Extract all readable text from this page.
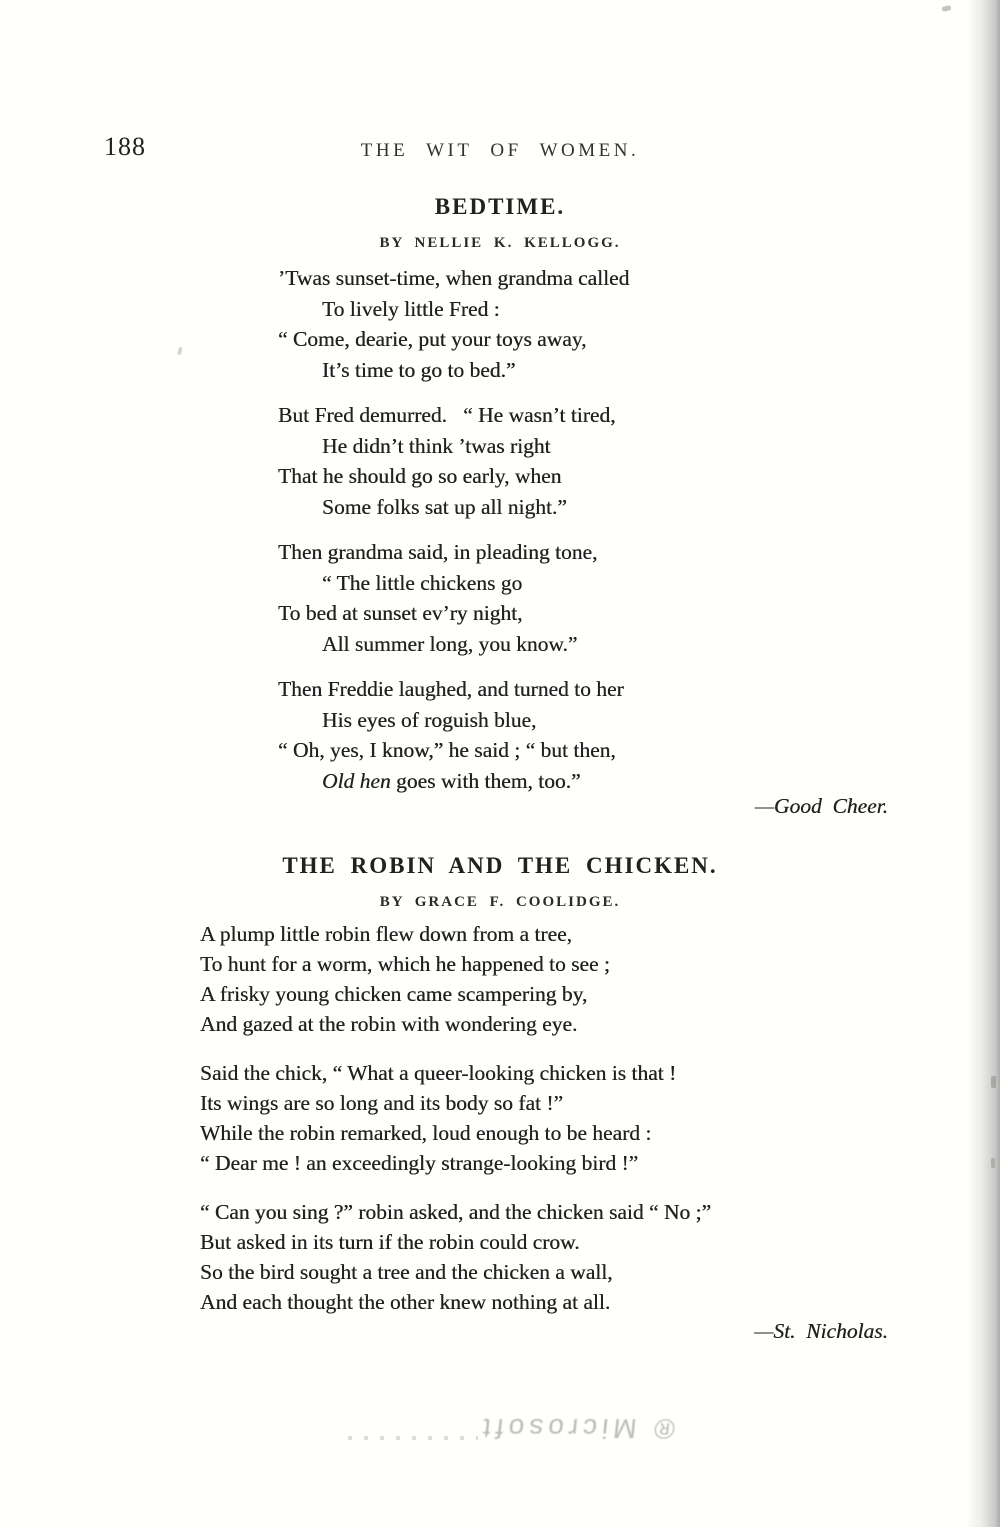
188	THE WIT OF WOMEN.
BEDTIME.
BY NELLIE K. KELLOGG.
’Twas sunset-time, when grandma called
To lively little Fred :
“ Come, dearie, put your toys away,
It’s time to go to bed.”
But Fred demurred.   “ He wasn’t tired,
He didn’t think ’twas right
That he should go so early, when
Some folks sat up all night.”
Then grandma said, in pleading tone,
“ The little chickens go
To bed at sunset ev’ry night,
All summer long, you know.”
Then Freddie laughed, and turned to her
His eyes of roguish blue,
“ Oh, yes, I know,” he said ; “ but then,
Old hen goes with them, too.”
—Good  Cheer.
THE ROBIN AND THE CHICKEN.
BY GRACE F. COOLIDGE.
A plump little robin flew down from a tree,
To hunt for a worm, which he happened to see ;
A frisky young chicken came scampering by,
And gazed at the robin with wondering eye.
Said the chick, “ What a queer-looking chicken is that !
Its wings are so long and its body so fat !”
While the robin remarked, loud enough to be heard :
“ Dear me ! an exceedingly strange-looking bird !”
“ Can you sing ?” robin asked, and the chicken said “ No ;”
But asked in its turn if the robin could crow.
So the bird sought a tree and the chicken a wall,
And each thought the other knew nothing at all.
—St.  Nicholas.
® Microsoft
